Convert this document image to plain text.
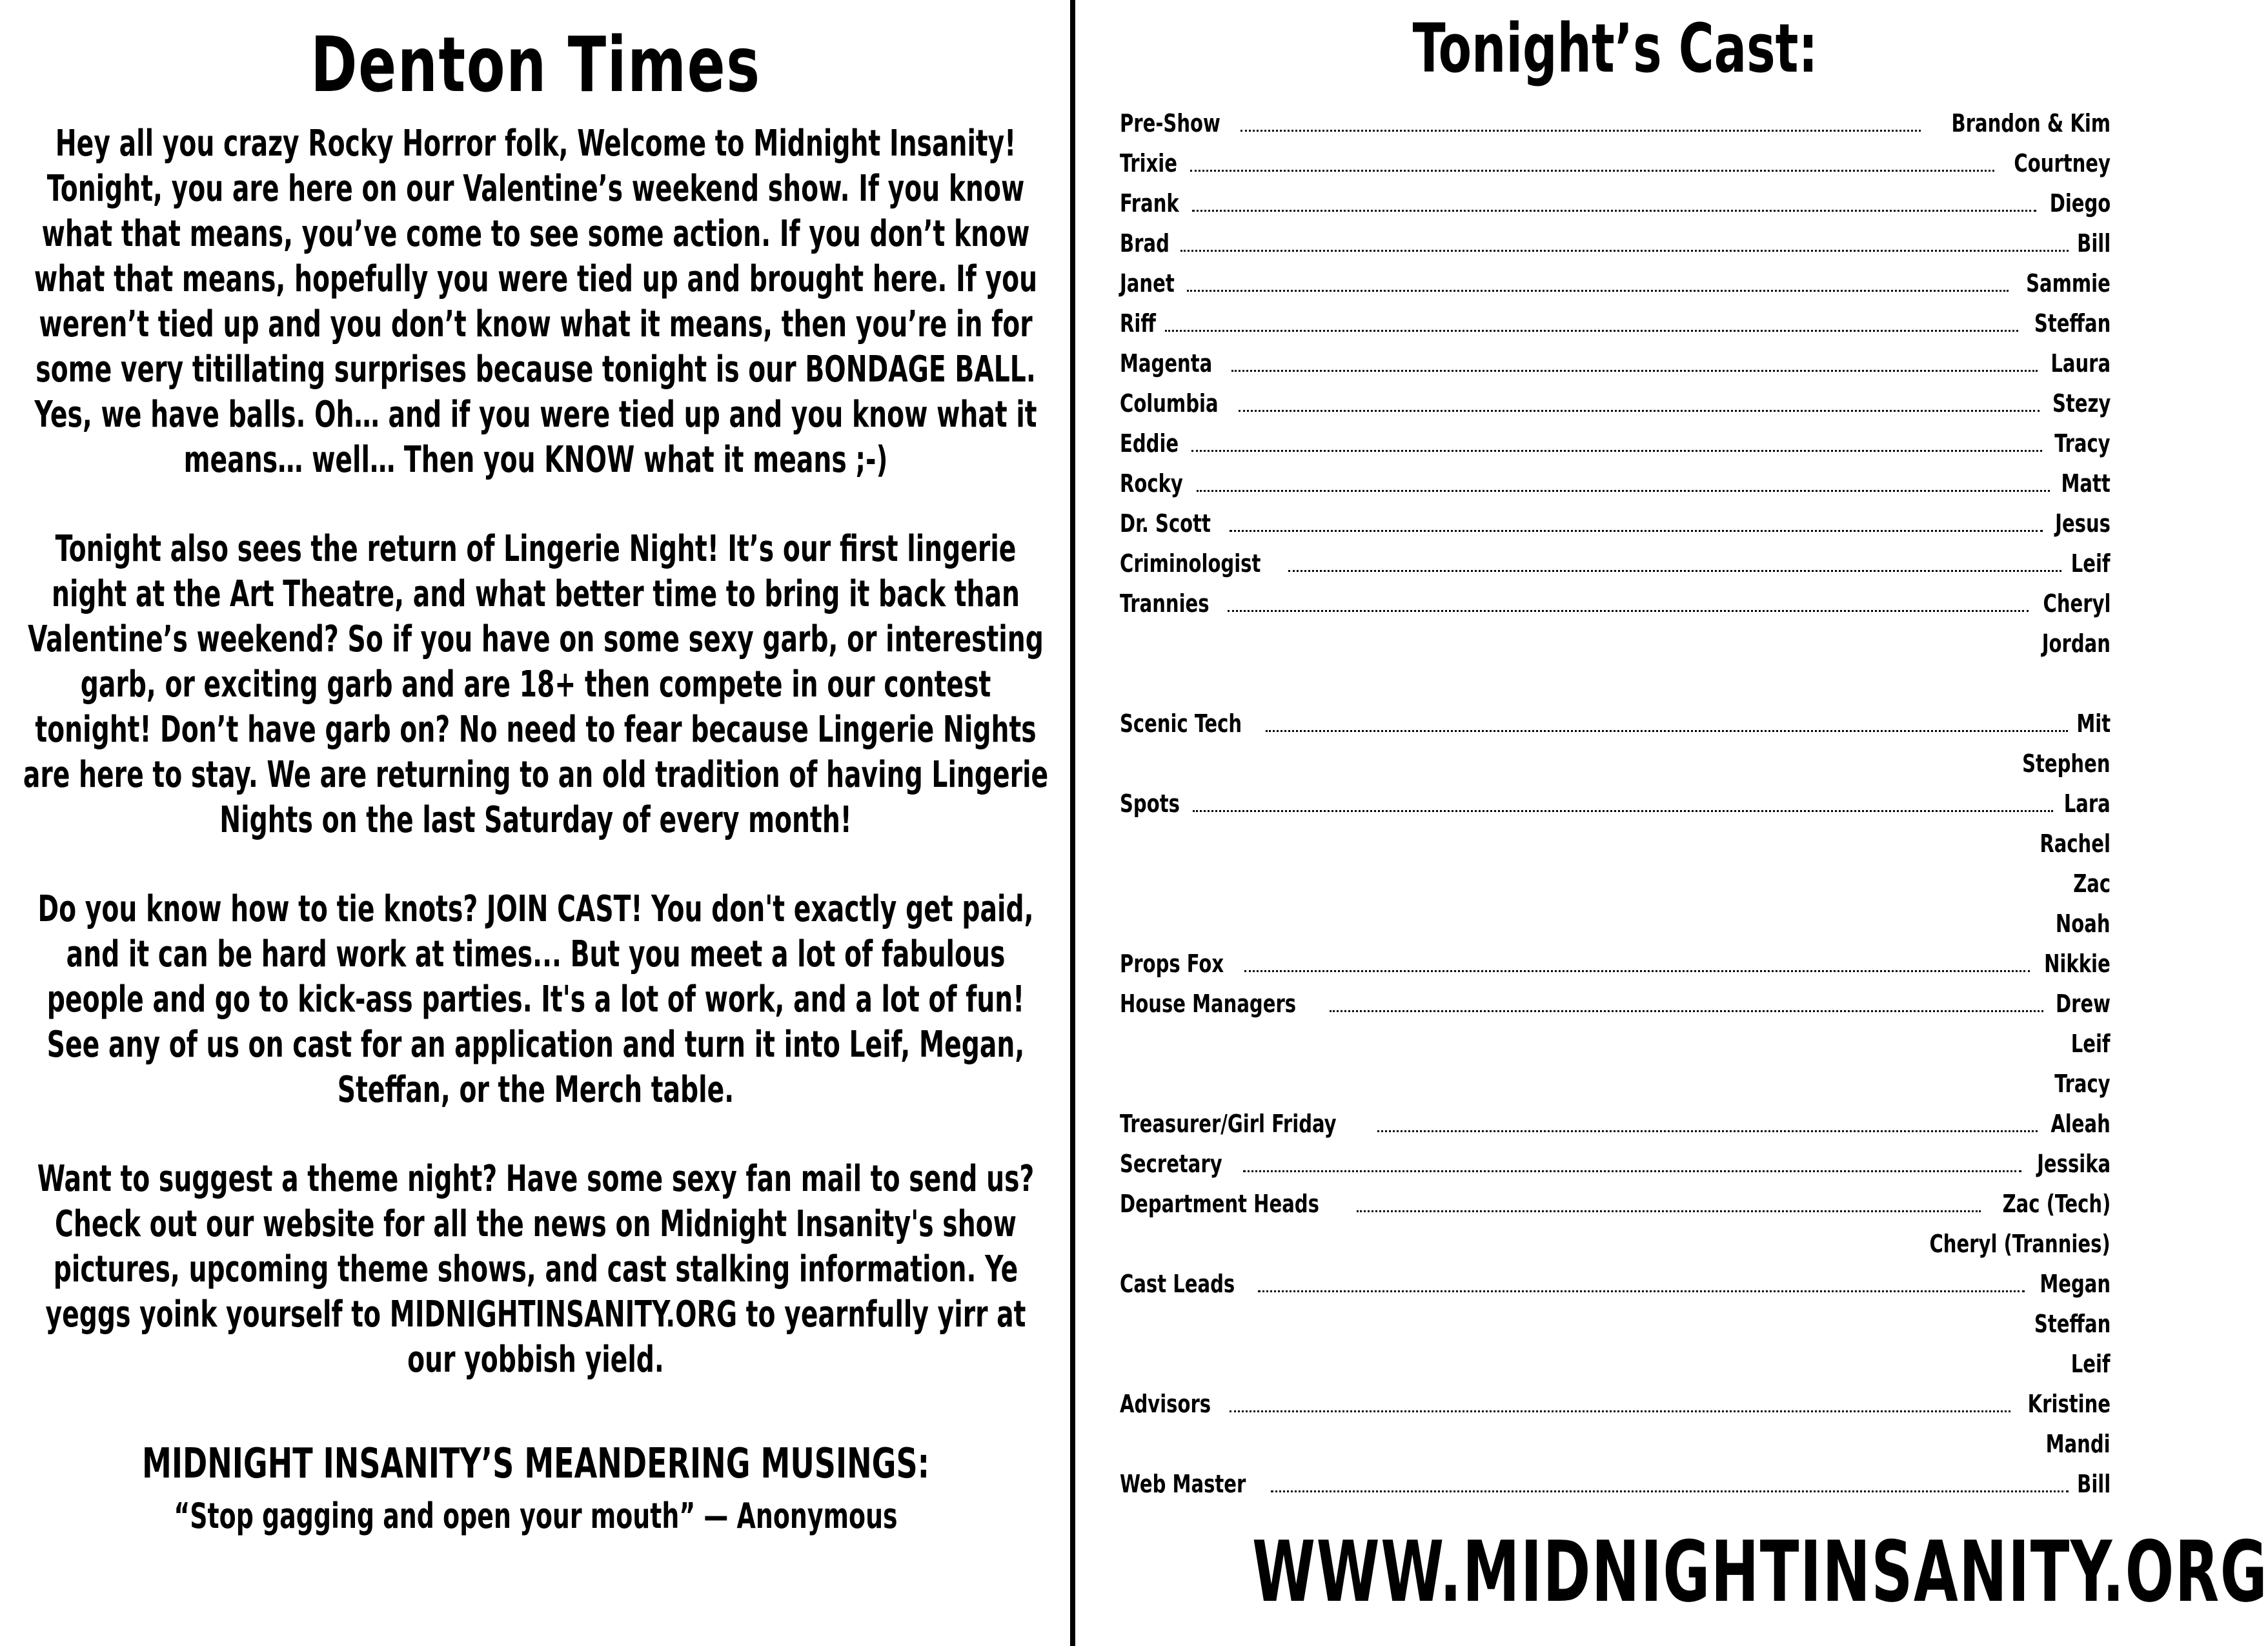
Denton Times

Hey all you crazy Rocky Horror folk, Welcome to Midnight Insanity! Tonight, you are here on our Valentine’s weekend show. If you know what that means, you’ve come to see some action. If you don’t know what that means, hopefully you were tied up and brought here. If you weren’t tied up and you don’t know what it means, then you’re in for some very titillating surprises because tonight is our BONDAGE BALL. Yes, we have balls. Oh… and if you were tied up and you know what it means… well… Then you KNOW what it means ;-)

Tonight also sees the return of Lingerie Night! It’s our first lingerie night at the Art Theatre, and what better time to bring it back than Valentine’s weekend? So if you have on some sexy garb, or interesting garb, or exciting garb and are 18+ then compete in our contest tonight! Don’t have garb on? No need to fear because Lingerie Nights are here to stay. We are returning to an old tradition of having Lingerie Nights on the last Saturday of every month!

Do you know how to tie knots? JOIN CAST! You don't exactly get paid, and it can be hard work at times... But you meet a lot of fabulous people and go to kick-ass parties. It's a lot of work, and a lot of fun! See any of us on cast for an application and turn it into Leif, Megan, Steffan, or the Merch table.

Want to suggest a theme night? Have some sexy fan mail to send us? Check out our website for all the news on Midnight Insanity's show pictures, upcoming theme shows, and cast stalking information. Ye yeggs yoink yourself to MIDNIGHTINSANITY.ORG to yearnfully yirr at our yobbish yield.

MIDNIGHT INSANITY’S MEANDERING MUSINGS:
“Stop gagging and open your mouth” — Anonymous
Tonight’s Cast:
Pre-Show	Brandon & Kim
Trixie	Courtney
Frank	Diego
Brad	Bill
Janet	Sammie
Riff	Steffan
Magenta	Laura
Columbia	Stezy
Eddie	Tracy
Rocky	Matt
Dr. Scott	Jesus
Criminologist	Leif
Trannies	Cheryl
Jordan
Scenic Tech	Mit
Stephen
Spots	Lara
Rachel
Zac
Noah
Props Fox	Nikkie
House Managers	Drew
Leif
Tracy
Treasurer/Girl Friday	Aleah
Secretary	Jessika
Department Heads	Zac (Tech)
Cheryl (Trannies)
Cast Leads	Megan
Steffan
Leif
Advisors	Kristine
Mandi
Web Master	Bill
WWW.MIDNIGHTINSANITY.ORG
